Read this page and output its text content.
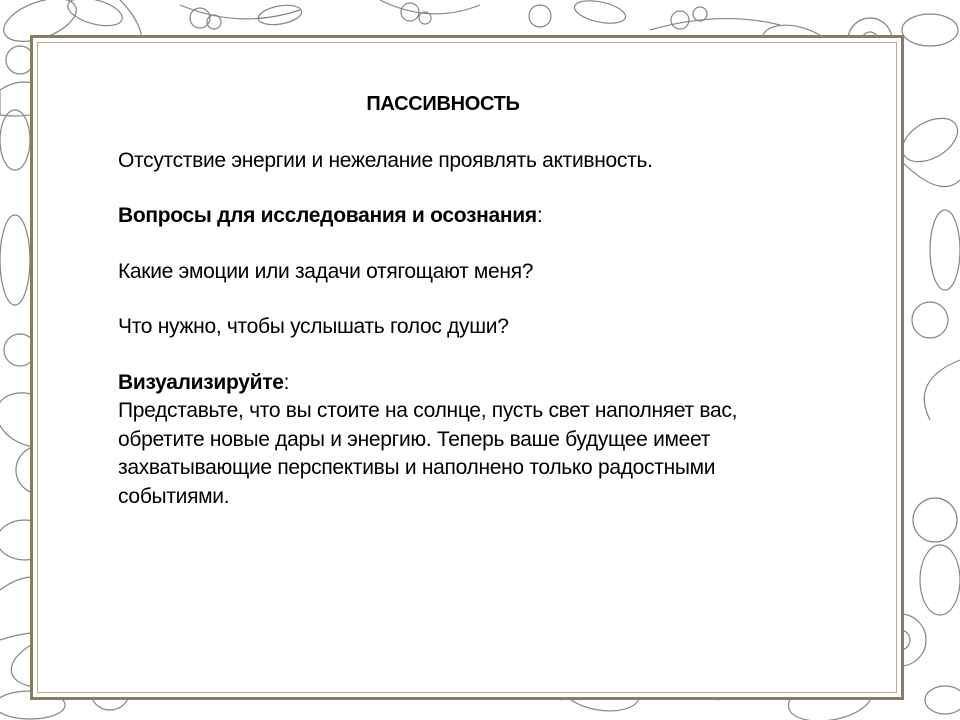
ПАССИВНОСТЬ

Отсутствие энергии и нежелание проявлять активность.

Вопросы для исследования и осознания:

Какие эмоции или задачи отягощают меня?

Что нужно, чтобы услышать голос души?

Визуализируйте:

Представьте, что вы стоите на солнце, пусть свет наполняет вас,

обретите новые дары и энергию. Теперь ваше будущее имеет

захватывающие перспективы и наполнено только радостными

событиями.
